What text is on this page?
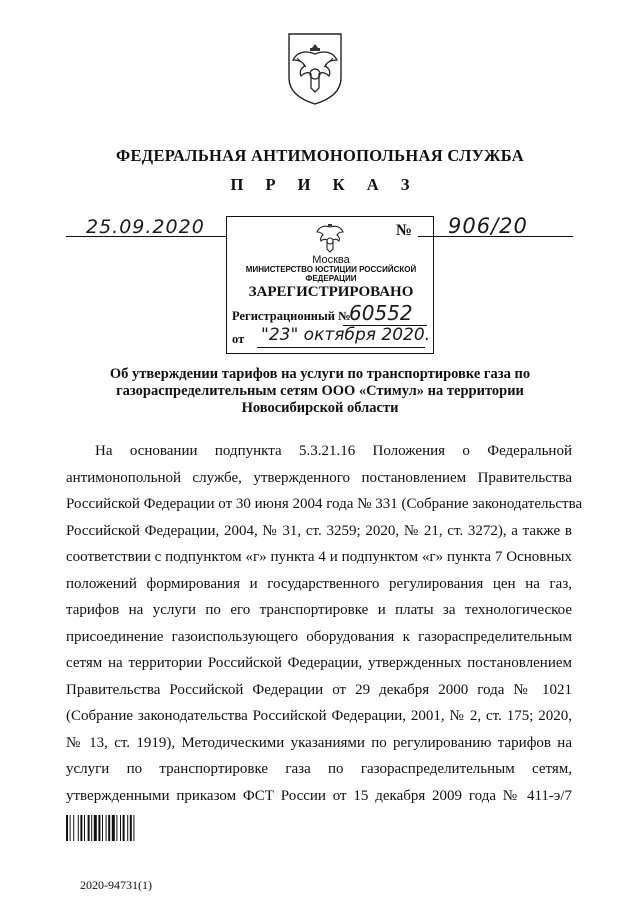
ФЕДЕРАЛЬНАЯ АНТИМОНОПОЛЬНАЯ СЛУЖБА
П Р И К А З
25.09.2020	№ 906/20
Москва
МИНИСТЕРСТВО ЮСТИЦИИ РОССИЙСКОЙ ФЕДЕРАЦИИ
ЗАРЕГИСТРИРОВАНО
Регистрационный №
60552
от "23" октября 2020.
Об утверждении тарифов на услуги по транспортировке газа по газораспределительным сетям ООО «Стимул» на территории Новосибирской области
На основании подпункта 5.3.21.16 Положения о Федеральной
антимонопольной службе, утвержденного постановлением Правительства
Российской Федерации от 30 июня 2004 года № 331 (Собрание законодательства
Российской Федерации, 2004, № 31, ст. 3259; 2020, № 21, ст. 3272), а также в
соответствии с подпунктом «г» пункта 4 и подпунктом «г» пункта 7 Основных
положений формирования и государственного регулирования цен на газ,
тарифов на услуги по его транспортировке и платы за технологическое
присоединение газоиспользующего оборудования к газораспределительным
сетям на территории Российской Федерации, утвержденных постановлением
Правительства Российской Федерации от 29 декабря 2000 года № 1021
(Собрание законодательства Российской Федерации, 2001, № 2, ст. 175; 2020,
№ 13, ст. 1919), Методическими указаниями по регулированию тарифов на
услуги по транспортировке газа по газораспределительным сетям,
утвержденными приказом ФСТ России от 15 декабря 2009 года № 411-э/7
2020-94731(1)
